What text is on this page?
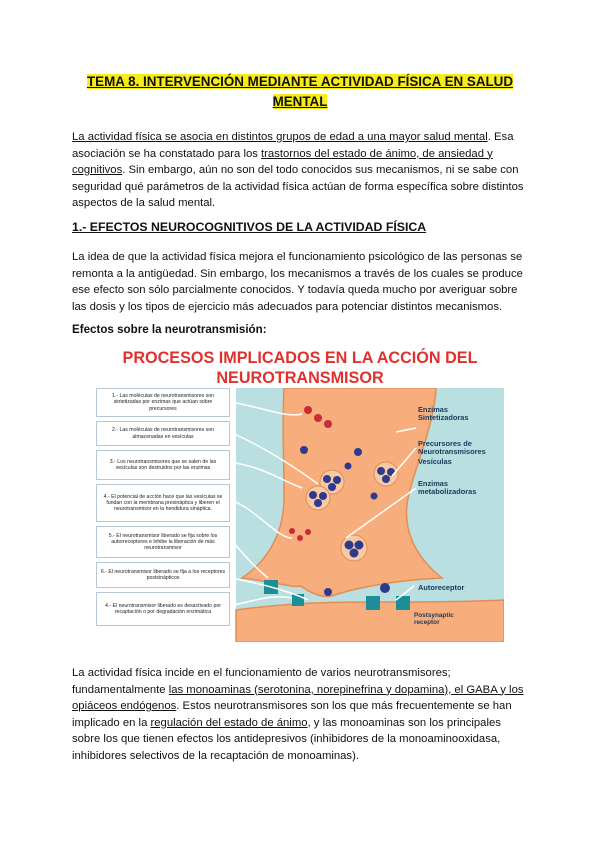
TEMA 8. INTERVENCIÓN MEDIANTE ACTIVIDAD FÍSICA EN SALUD
MENTAL

La actividad física se asocia en distintos grupos de edad a una mayor salud mental. Esa asociación se ha constatado para los trastornos del estado de ánimo, de ansiedad y cognitivos. Sin embargo, aún no son del todo conocidos sus mecanismos, ni se sabe con seguridad qué parámetros de la actividad física actúan de forma específica sobre distintos aspectos de la salud mental.

1.- EFECTOS NEUROCOGNITIVOS DE LA ACTIVIDAD FÍSICA

La idea de que la actividad física mejora el funcionamiento psicológico de las personas se remonta a la antigüedad. Sin embargo, los mecanismos a través de los cuales se produce ese efecto son sólo parcialmente conocidos. Y todavía queda mucho por averiguar sobre las dosis y los tipos de ejercicio más adecuados para potenciar distintos mecanismos.

Efectos sobre la neurotransmisión:
PROCESOS IMPLICADOS EN LA ACCIÓN DEL
NEUROTRANSMISOR
1.- Las moléculas de neurotransmisores son sintetizadas por enzimas que actúan sobre precursores
2.- Las moléculas de neurotransmisores son almacenadas en vesículas
3.- Los neurotransmisores que se salen de las vesículas son destruidos por las enzimas
4.- El potencial de acción hace que las vesículas se fundan con la membrana presináptica y liberen el neurotransmisor en la hendidura sináptica.
5.- El neurotransmisor liberado se fija sobre los autorreceptores e inhibe la liberación de más neurotransmisor
6.- El neurotransmisor liberado se fija a los receptores postsinápticos
4.- El neurotransmisor liberado es desactivado por recaptación o por degradación enzimática
Enzimas Sintetizadoras
Precursores de Neurotransmisores
Vesículas
Enzimas metabolizadoras
Autoreceptor
Postsynaptic receptor

La actividad física incide en el funcionamiento de varios neurotransmisores; fundamentalmente las monoaminas (serotonina, norepinefrina y dopamina), el GABA y los opiáceos endógenos. Estos neurotransmisores son los que más frecuentemente se han implicado en la regulación del estado de ánimo, y las monoaminas son los principales sobre los que tienen efectos los antidepresivos (inhibidores de la monoaminooxidasa, inhibidores selectivos de la recaptación de monoaminas).
